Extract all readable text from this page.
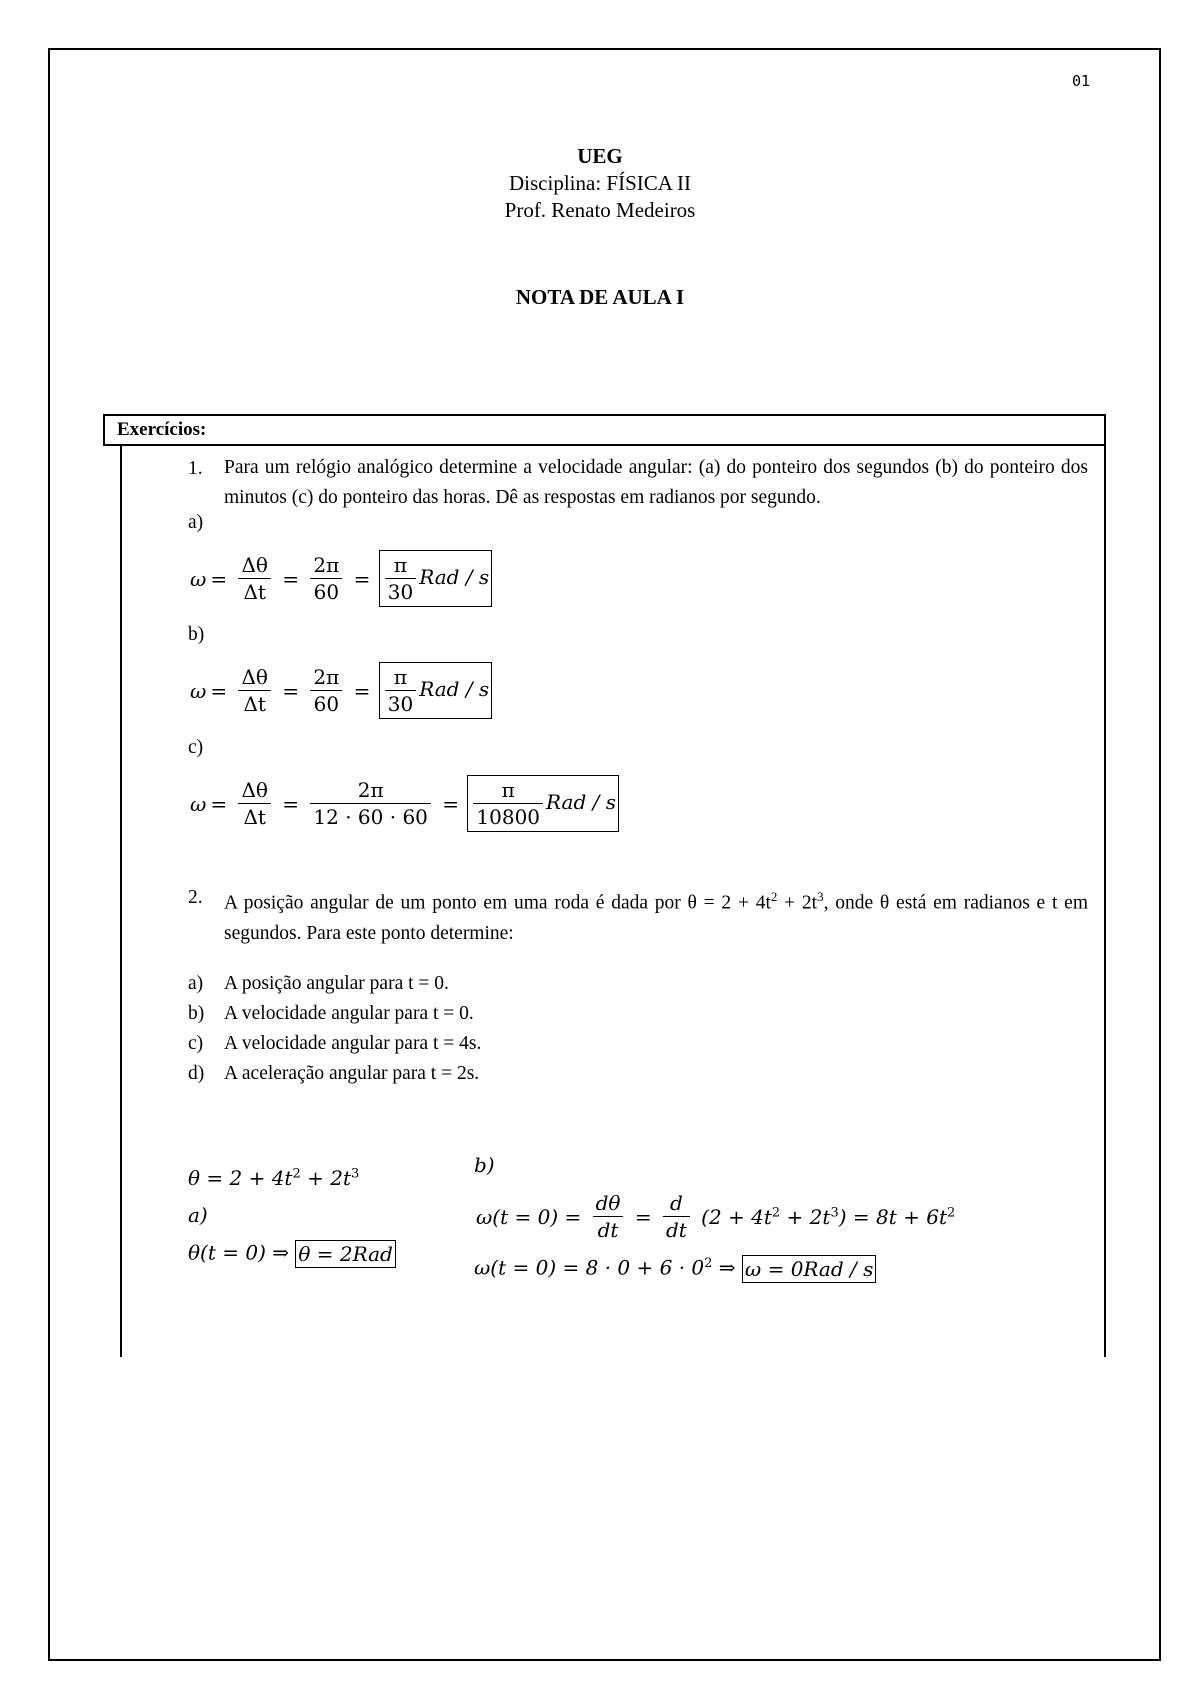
01
UEG
Disciplina: FÍSICA II
Prof. Renato Medeiros
NOTA DE AULA I
Exercícios:
1. Para um relógio analógico determine a velocidade angular: (a) do ponteiro dos segundos (b) do ponteiro dos minutos (c) do ponteiro das horas. Dê as respostas em radianos por segundo.
a)
$\omega = \frac{\Delta\theta}{\Delta t} = \frac{2\pi}{60} = \frac{\pi}{30}$ Rad / s
b)
$\omega = \frac{\Delta\theta}{\Delta t} = \frac{2\pi}{60} = \frac{\pi}{30}$ Rad / s
c)
$\omega = \frac{\Delta\theta}{\Delta t} = \frac{2\pi}{12 \cdot 60 \cdot 60} = \frac{\pi}{10800}$ Rad / s
2. A posição angular de um ponto em uma roda é dada por $\theta = 2 + 4t^2 + 2t^3$, onde θ está em radianos e t em segundos. Para este ponto determine:
a) A posição angular para t = 0.
b) A velocidade angular para t = 0.
c) A velocidade angular para t = 4s.
d) A aceleração angular para t = 2s.
$\theta = 2 + 4t^2 + 2t^3$
a)
θ(t = 0) ⇒ θ = 2Rad
b)
$\omega(t = 0) = \frac{d\theta}{dt} = \frac{d}{dt} (2 + 4t^2 + 2t^3) = 8t + 6t^2$
$\omega(t = 0) = 8 \cdot 0 + 6 \cdot 0^2$ ⇒ ω = 0Rad / s
